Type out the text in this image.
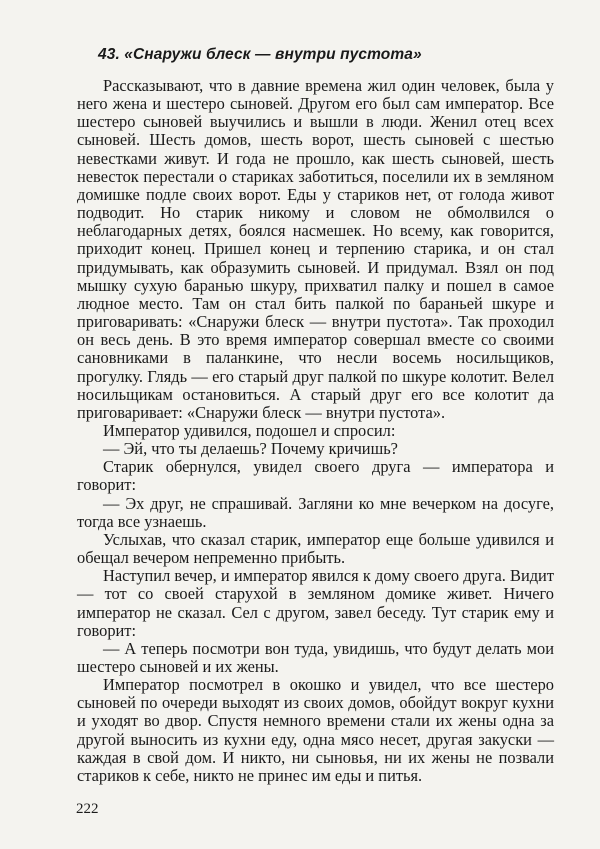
43. «Снаружи блеск — внутри пустота»

Рассказывают, что в давние времена жил один человек, была у него жена и шестеро сыновей. Другом его был сам император. Все шестеро сыновей выучились и вышли в люди. Женил отец всех сыновей. Шесть домов, шесть ворот, шесть сыновей с шестью невестками живут. И года не прошло, как шесть сыновей, шесть невесток перестали о стариках заботиться, поселили их в земляном домишке подле своих ворот. Еды у стариков нет, от голода живот подводит. Но старик никому и словом не обмолвился о неблагодарных детях, боялся насмешек. Но всему, как говорится, приходит конец. Пришел конец и терпению старика, и он стал придумывать, как образумить сыновей. И придумал. Взял он под мышку сухую баранью шкуру, прихватил палку и пошел в самое людное место. Там он стал бить палкой по бараньей шкуре и приговаривать: «Снаружи блеск — внутри пустота». Так проходил он весь день. В это время император совершал вместе со своими сановниками в паланкине, что несли восемь носильщиков, прогулку. Глядь — его старый друг палкой по шкуре колотит. Велел носильщикам остановиться. А старый друг его все колотит да приговаривает: «Снаружи блеск — внутри пустота».

Император удивился, подошел и спросил:

— Эй, что ты делаешь? Почему кричишь?

Старик обернулся, увидел своего друга — императора и говорит:

— Эх друг, не спрашивай. Загляни ко мне вечерком на досуге, тогда все узнаешь.

Услыхав, что сказал старик, император еще больше удивился и обещал вечером непременно прибыть.

Наступил вечер, и император явился к дому своего друга. Видит — тот со своей старухой в земляном домике живет. Ничего император не сказал. Сел с другом, завел беседу. Тут старик ему и говорит:

— А теперь посмотри вон туда, увидишь, что будут делать мои шестеро сыновей и их жены.

Император посмотрел в окошко и увидел, что все шестеро сыновей по очереди выходят из своих домов, обойдут вокруг кухни и уходят во двор. Спустя немного времени стали их жены одна за другой выносить из кухни еду, одна мясо несет, другая закуски — каждая в свой дом. И никто, ни сыновья, ни их жены не позвали стариков к себе, никто не принес им еды и питья.

222
